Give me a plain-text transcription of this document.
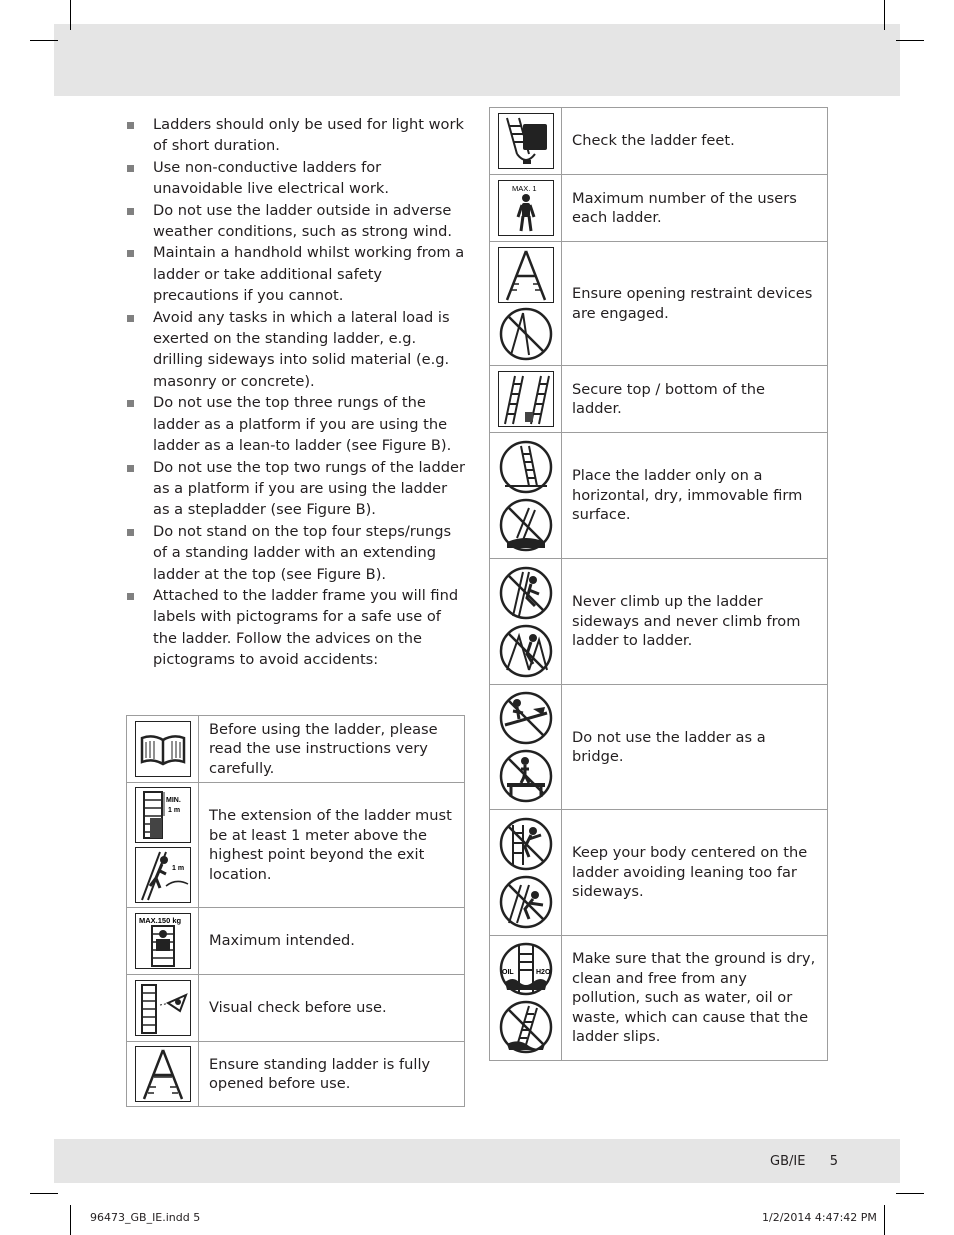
Ladders should only be used for light work of short duration.
Use non-conductive ladders for unavoidable live electrical work.
Do not use the ladder outside in adverse weather conditions, such as strong wind.
Maintain a handhold whilst working from a ladder or take additional safety precautions if you cannot.
Avoid any tasks in which a lateral load is exerted on the standing ladder, e.g. drilling sideways into solid material (e.g. masonry or concrete).
Do not use the top three rungs of the ladder as a platform if you are using the ladder as a lean-to ladder (see Figure B).
Do not use the top two rungs of the ladder as a platform if you are using the ladder as a stepladder (see Figure B).
Do not stand on the top four steps/rungs of a standing ladder with an extending ladder at the top (see Figure B).
Attached to the ladder frame you will find labels with pictograms for a safe use of the ladder. Follow the advices on the pictograms to avoid accidents:
	Before using the ladder, please read the use instructions very carefully.

MIN.
1 m
1 m	The extension of the ladder must be at least 1 meter above the highest point beyond the exit location.

MAX.150 kg	Maximum intended.

	Visual check before use.

	Ensure standing ladder is fully opened before use.
	Check the ladder feet.

MAX. 1	Maximum number of the users each ladder.

	Ensure opening restraint devices are engaged.

	Secure top / bottom of the ladder.

	Place the ladder only on a horizontal, dry, immovable firm surface.

	Never climb up the ladder sideways and never climb from ladder to ladder.

	Do not use the ladder as a bridge.

	Keep your body centered on the ladder avoiding leaning too far sideways.

OIL H2O	Make sure that the ground is dry, clean and free from any pollution, such as water, oil or waste, which can cause that the ladder slips.
GB/IE 5
96473_GB_IE.indd 5	1/2/2014 4:47:42 PM
